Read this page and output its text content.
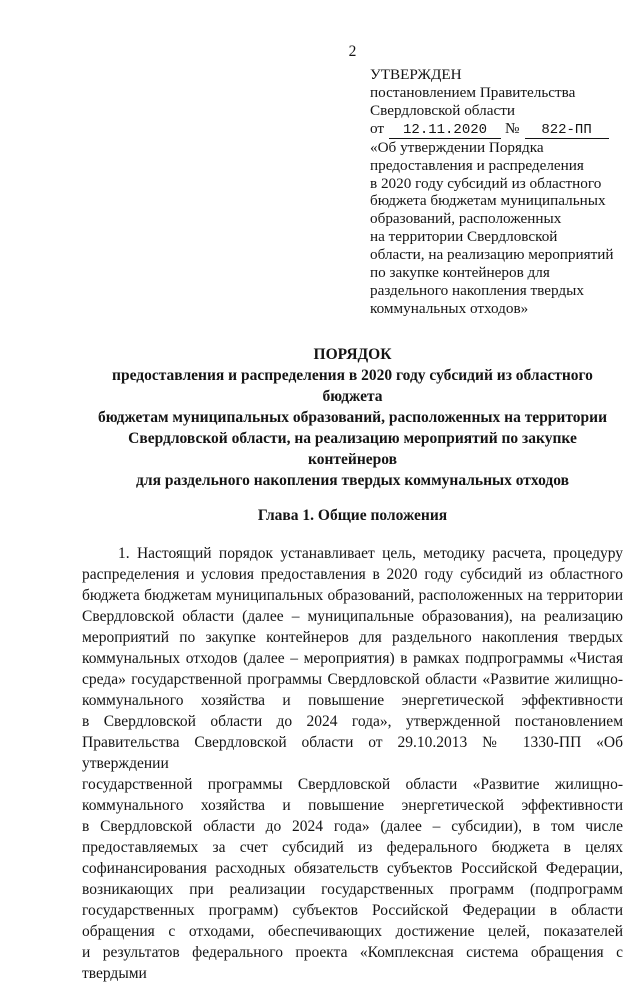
2
УТВЕРЖДЕН
постановлением Правительства
Свердловской области
от 12.11.2020 № 822-ПП
«Об утверждении Порядка
предоставления и распределения
в 2020 году субсидий из областного
бюджета бюджетам муниципальных
образований, расположенных
на территории Свердловской
области, на реализацию мероприятий
по закупке контейнеров для
раздельного накопления твердых
коммунальных отходов»
ПОРЯДОК
предоставления и распределения в 2020 году субсидий из областного бюджета
бюджетам муниципальных образований, расположенных на территории
Свердловской области, на реализацию мероприятий по закупке контейнеров
для раздельного накопления твердых коммунальных отходов
Глава 1. Общие положения
1. Настоящий порядок устанавливает цель, методику расчета, процедуру
распределения и условия предоставления в 2020 году субсидий из областного
бюджета бюджетам муниципальных образований, расположенных на территории
Свердловской области (далее – муниципальные образования), на реализацию
мероприятий по закупке контейнеров для раздельного накопления твердых
коммунальных отходов (далее – мероприятия) в рамках подпрограммы «Чистая
среда» государственной программы Свердловской области «Развитие жилищно-
коммунального хозяйства и повышение энергетической эффективности
в Свердловской области до 2024 года», утвержденной постановлением
Правительства Свердловской области от 29.10.2013 № 1330-ПП «Об утверждении
государственной программы Свердловской области «Развитие жилищно-
коммунального хозяйства и повышение энергетической эффективности
в Свердловской области до 2024 года» (далее – субсидии), в том числе
предоставляемых за счет субсидий из федерального бюджета в целях
софинансирования расходных обязательств субъектов Российской Федерации,
возникающих при реализации государственных программ (подпрограмм
государственных программ) субъектов Российской Федерации в области
обращения с отходами, обеспечивающих достижение целей, показателей
и результатов федерального проекта «Комплексная система обращения с твердыми
